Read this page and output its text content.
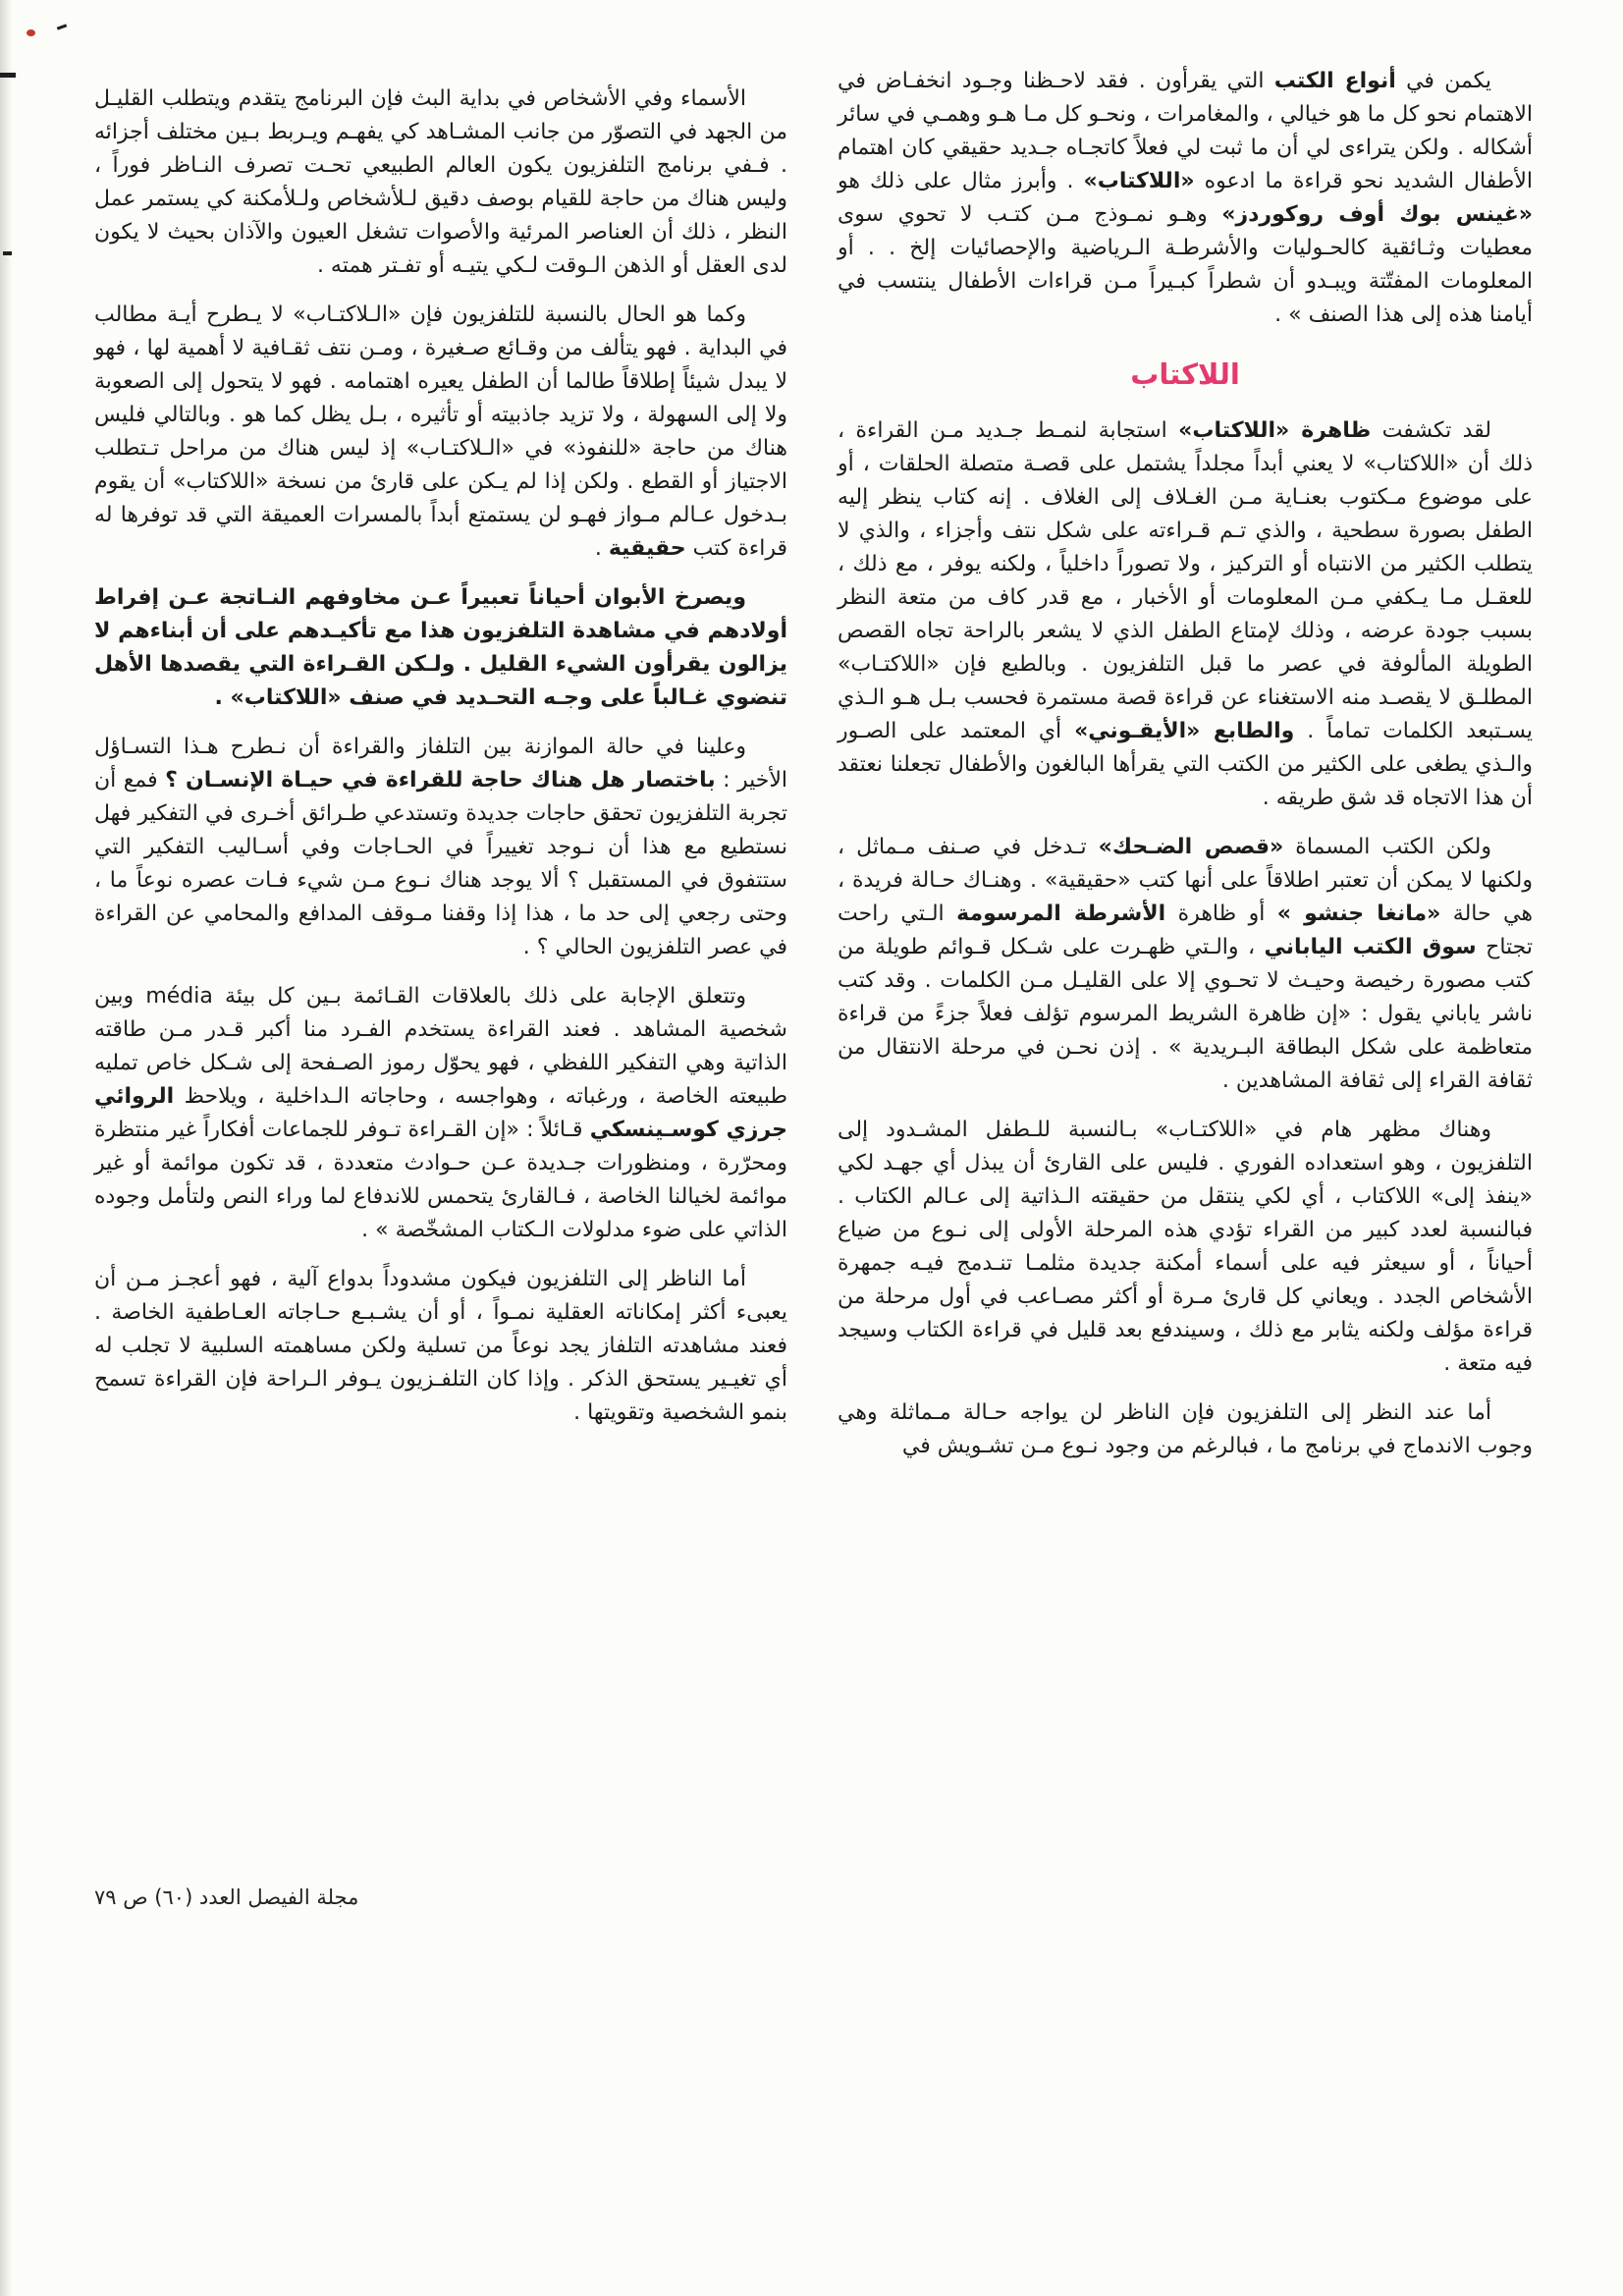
يكمن في أنواع الكتب التي يقرأون . فقد لاحـظنا وجـود انخفـاض في الاهتمام نحو كل ما هو خيالي ، والمغامرات ، ونحـو كل مـا هـو وهمـي في سائر أشكاله . ولكن يتراءى لي أن ما ثبت لي فعلاً كاتجـاه جـديد حقيقي كان اهتمام الأطفال الشديد نحو قراءة ما ادعوه «اللاكتاب» . وأبرز مثال على ذلك هو «غينس بوك أوف روكوردز» وهـو نمـوذج مـن كتـب لا تحوي سوى معطيات وثـائقية كالحـوليات والأشرطـة الـرياضية والإحصائيات إلخ . . أو المعلومات المفتّتة ويبـدو أن شطراً كبـيراً مـن قراءات الأطفال ينتسب في أيامنا هذه إلى هذا الصنف » .

اللاكتاب

لقد تكشفت ظاهرة «اللاكتاب» استجابة لنمـط جـديد مـن القراءة ، ذلك أن «اللاكتاب» لا يعني أبداً مجلداً يشتمل على قصـة متصلة الحلقات ، أو على موضوع مـكتوب بعنـاية مـن الغـلاف إلى الغلاف . إنه كتاب ينظر إليه الطفل بصورة سطحية ، والذي تـم قـراءته على شكل نتف وأجزاء ، والذي لا يتطلب الكثير من الانتباه أو التركيز ، ولا تصوراً داخلياً ، ولكنه يوفر ، مع ذلك ، للعقـل مـا يـكفي مـن المعلومات أو الأخبار ، مع قدر كاف من متعة النظر بسبب جودة عرضه ، وذلك لإمتاع الطفل الذي لا يشعر بالراحة تجاه القصص الطويلة المألوفة في عصر ما قبل التلفزيون . وبالطبع فإن «اللاكتـاب» المطلـق لا يقصـد منه الاستغناء عن قراءة قصة مستمرة فحسب بـل هـو الـذي يسـتبعد الكلمات تماماً . والطابع «الأيقـوني» أي المعتمد على الصـور والـذي يطغى على الكثير من الكتب التي يقرأها البالغون والأطفال تجعلنا نعتقد أن هذا الاتجاه قد شق طريقه .

ولكن الكتب المسماة «قصص الضـحك» تـدخل في صـنف مـماثل ، ولكنها لا يمكن أن تعتبر اطلاقاً على أنها كتب «حقيقية» . وهنـاك حـالة فريدة ، هي حالة «مانغا جنشو » أو ظاهرة الأشرطة المرسومة الـتي راحت تجتاح سوق الكتب الياباني ، والـتي ظهـرت على شـكل قـوائم طويلة من كتب مصورة رخيصة وحيـث لا تحـوي إلا على القليـل مـن الكلمات . وقد كتب ناشر ياباني يقول : «إن ظاهرة الشريط المرسوم تؤلف فعلاً جزءً من قراءة متعاظمة على شكل البطاقة البـريدية » . إذن نحـن في مرحلة الانتقال من ثقافة القراء إلى ثقافة المشاهدين .

وهناك مظهر هام في «اللاكتـاب» بـالنسبة للـطفل المشـدود إلى التلفزيون ، وهو استعداده الفوري . فليس على القارئ أن يبذل أي جهـد لكي «ينفذ إلى» اللاكتاب ، أي لكي ينتقل من حقيقته الـذاتية إلى عـالم الكتاب . فبالنسبة لعدد كبير من القراء تؤدي هذه المرحلة الأولى إلى نـوع من ضياع أحياناً ، أو سيعثر فيه على أسماء أمكنة جديدة مثلمـا تنـدمج فيـه جمهرة الأشخاص الجدد . ويعاني كل قارئ مـرة أو أكثر مصـاعب في أول مرحلة من قراءة مؤلف ولكنه يثابر مع ذلك ، وسيندفع بعد قليل في قراءة الكتاب وسيجد فيه متعة .

أما عند النظر إلى التلفزيون فإن الناظر لن يواجه حـالة مـماثلة وهي وجوب الاندماج في برنامج ما ، فبالرغم من وجود نـوع مـن تشـويش في

الأسماء وفي الأشخاص في بداية البث فإن البرنامج يتقدم ويتطلب القليـل من الجهد في التصوّر من جانب المشـاهد كي يفهـم ويـربط بـين مختلف أجزائه . فـفي برنامج التلفزيون يكون العالم الطبيعي تحـت تصرف النـاظر فوراً ، وليس هناك من حاجة للقيام بوصف دقيق لـلأشخاص ولـلأمكنة كي يستمر عمل النظر ، ذلك أن العناصر المرئية والأصوات تشغل العيون والآذان بحيث لا يكون لدى العقل أو الذهن الـوقت لـكي يتيـه أو تفـتر همته .

وكما هو الحال بالنسبة للتلفزيون فإن «الـلاكتـاب» لا يـطرح أيـة مطالب في البداية . فهو يتألف من وقـائع صـغيرة ، ومـن نتف ثقـافية لا أهمية لها ، فهو لا يبدل شيئاً إطلاقاً طالما أن الطفل يعيره اهتمامه . فهو لا يتحول إلى الصعوبة ولا إلى السهولة ، ولا تزيد جاذبيته أو تأثيره ، بـل يظل كما هو . وبالتالي فليس هناك من حاجة «للنفوذ» في «الـلاكتـاب» إذ ليس هناك من مراحل تـتطلب الاجتياز أو القطع . ولكن إذا لم يـكن على قارئ من نسخة «اللاكتاب» أن يقوم بـدخول عـالم مـواز فهـو لن يستمتع أبداً بالمسرات العميقة التي قد توفرها له قراءة كتب حقيقية .

ويصرخ الأبوان أحياناً تعبيراً عـن مخاوفهم النـاتجة عـن إفراط أولادهم في مشاهدة التلفزيون هذا مع تأكيـدهم على أن أبناءهم لا يزالون يقرأون الشيء القليل . ولـكن القـراءة التي يقصدها الأهل تنضوي غـالباً على وجـه التحـديد في صنف «اللاكتاب» .

وعلينا في حالة الموازنة بين التلفاز والقراءة أن نـطرح هـذا التسـاؤل الأخير : باختصار هل هناك حاجة للقراءة في حيـاة الإنسـان ؟ فمع أن تجربة التلفزيون تحقق حاجات جديدة وتستدعي طـرائق أخـرى في التفكير فهل نستطيع مع هذا أن نـوجد تغييراً في الحـاجات وفي أسـاليب التفكير التي ستتفوق في المستقبل ؟ ألا يوجد هناك نـوع مـن شيء فـات عصره نوعاً ما ، وحتى رجعي إلى حد ما ، هذا إذا وقفنا مـوقف المدافع والمحامي عن القراءة في عصر التلفزيون الحالي ؟ .

وتتعلق الإجابة على ذلك بالعلاقات القـائمة بـين كل بيئة média وبين شخصية المشاهد . فعند القراءة يستخدم الفـرد منا أكبر قـدر مـن طاقته الذاتية وهي التفكير اللفظي ، فهو يحوّل رموز الصـفحة إلى شـكل خاص تمليه طبيعته الخاصة ، ورغباته ، وهواجسه ، وحاجاته الـداخلية ، ويلاحظ الروائي جرزي كوسـينسكي قـائلاً : «إن القـراءة تـوفر للجماعات أفكاراً غير منتظرة ومحرّرة ، ومنظورات جـديدة عـن حـوادث متعددة ، قد تكون موائمة أو غير موائمة لخيالنا الخاصة ، فـالقارئ يتحمس للاندفاع لما وراء النص ولتأمل وجوده الذاتي على ضوء مدلولات الـكتاب المشخّصة » .

أما الناظر إلى التلفزيون فيكون مشدوداً بدواع آلية ، فهو أعجـز مـن أن يعبىء أكثر إمكاناته العقلية نمـواً ، أو أن يشـبـع حـاجاته العـاطفية الخاصة . فعند مشاهدته التلفاز يجد نوعاً من تسلية ولكن مساهمته السلبية لا تجلب له أي تغيـير يستحق الذكر . وإذا كان التلفـزيون يـوفر الـراحة فإن القراءة تسمح بنمو الشخصية وتقويتها .

مجلة الفيصل العدد (٦٠) ص ٧٩
